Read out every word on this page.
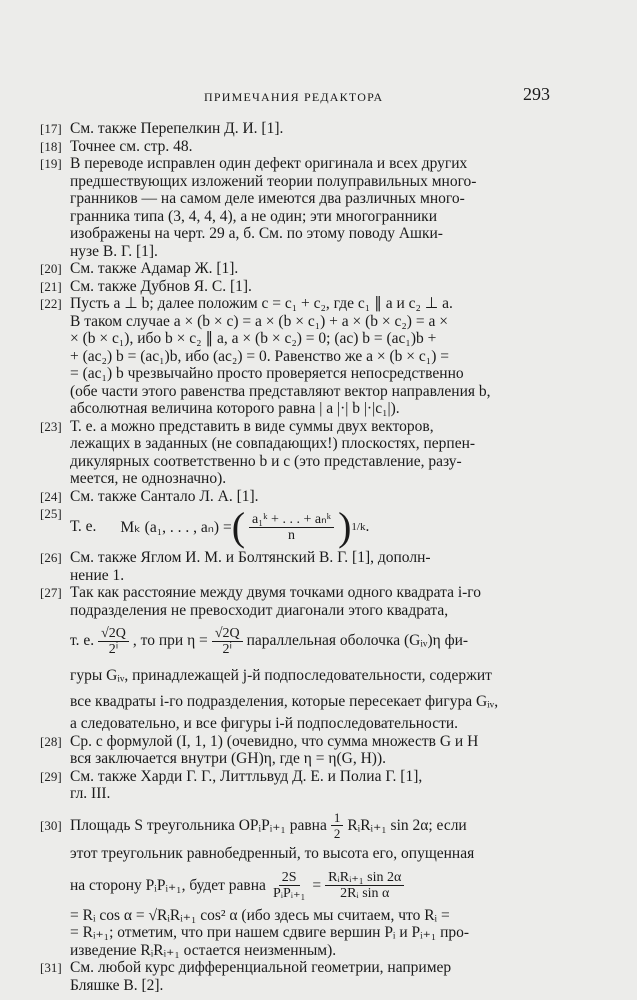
ПРИМЕЧАНИЯ РЕДАКТОРА	293
[17] См. также Перепелкин Д. И. [1].
[18] Точнее см. стр. 48.
[19] В переводе исправлен один дефект оригинала и всех других
предшествующих изложений теории полуправильных много-
гранников — на самом деле имеются два различных много-
гранника типа (3, 4, 4, 4), а не один; эти многогранники
изображены на черт. 29 а, б. См. по этому поводу Ашки-
нузе В. Г. [1].
[20] См. также Адамар Ж. [1].
[21] См. также Дубнов Я. С. [1].
[22] Пусть a ⊥ b; далее положим c = c₁ + c₂, где c₁ ∥ a и c₂ ⊥ a.
В таком случае a × (b × c) = a × (b × c₁) + a × (b × c₂) = a ×
× (b × c₁), ибо b × c₂ ∥ a, a × (b × c₂) = 0; (ac) b = (ac₁)b +
+ (ac₂) b = (ac₁)b, ибо (ac₂) = 0. Равенство же a × (b × c₁) =
= (ac₁) b чрезвычайно просто проверяется непосредственно
(обе части этого равенства представляют вектор направления b,
абсолютная величина которого равна | a |·| b |·|c₁|).
[23] Т. е. a можно представить в виде суммы двух векторов,
лежащих в заданных (не совпадающих!) плоскостях, перпен-
дикулярных соответственно b и c (это представление, разу-
меется, не однозначно).
[24] См. также Сантало Л. А. [1].
[25]
Т. е. Mₖ (a₁, . . . , aₙ) = ( $\frac{\text{a₁ᵏ + . . . + aₙᵏ}}{n}$ ) 1/k .
[26] См. также Яглом И. М. и Болтянский В. Г. [1], дополн-
нение 1.
[27] Так как расстояние между двумя точками одного квадрата i-го
подразделения не превосходит диагонали этого квадрата,
т. е. $\frac{√2Q}{\text{2ⁱ}}$ , то при $\eta = \frac{√2Q}{\text{2ⁱ}}$ параллельная оболочка (Gᵢᵥ)η фи-
гуры Gᵢᵥ, принадлежащей j-й подпоследовательности, содержит
все квадраты i-го подразделения, которые пересекает фигура Gᵢᵥ,
а следовательно, и все фигуры i-й подпоследовательности.
[28] Ср. с формулой (I, 1, 1) (очевидно, что сумма множеств G и H
вся заключается внутри (GH)η, где η = η(G, H)).
[29] См. также Харди Г. Г., Литтльвуд Д. Е. и Полиа Г. [1],
гл. III.
[30] Площадь S треугольника OPᵢPᵢ₊₁ равна $\frac{1}{2}$ RᵢRᵢ₊₁ sin 2α; если
этот треугольник равнобедренный, то высота его, опущенная
на сторону PᵢPᵢ₊₁, будет равна $\frac{2S}{\text{PᵢPᵢ₊₁}} = \frac{\text{RᵢRᵢ₊₁ sin 2α}}{\text{2Rᵢ sin α}}$
= Rᵢ cos α = √RᵢRᵢ₊₁ cos² α (ибо здесь мы считаем, что Rᵢ =
= Rᵢ₊₁; отметим, что при нашем сдвиге вершин Pᵢ и Pᵢ₊₁ про-
изведение RᵢRᵢ₊₁ остается неизменным).
[31] См. любой курс дифференциальной геометрии, например
Бляшке В. [2].
